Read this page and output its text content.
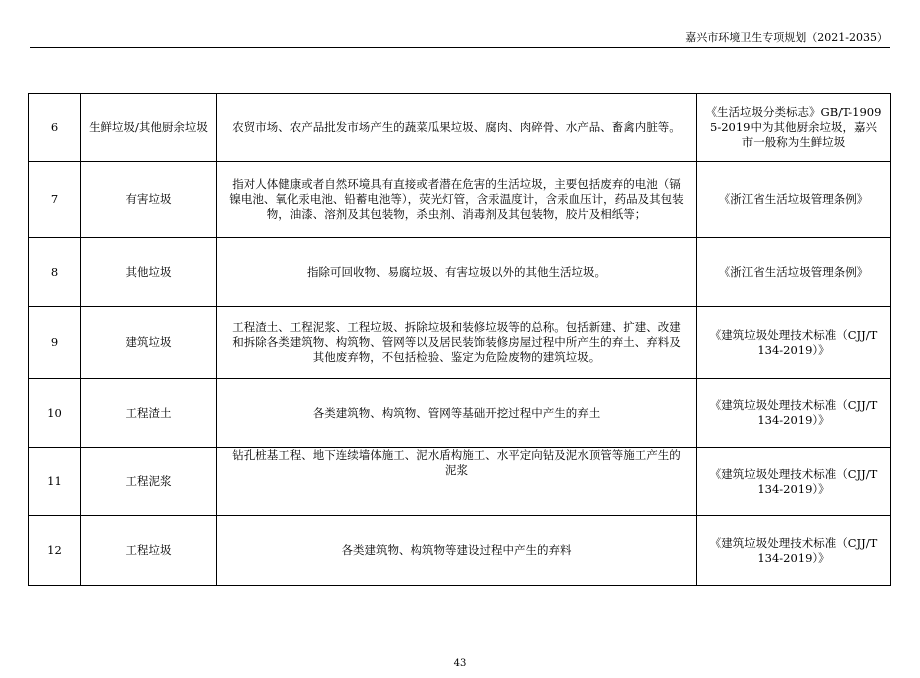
嘉兴市环境卫生专项规划（2021-2035）
6	生鲜垃圾/其他厨余垃圾	农贸市场、农产品批发市场产生的蔬菜瓜果垃圾、腐肉、肉碎骨、水产品、畜禽内脏等。	《生活垃圾分类标志》GB/T-19095-2019中为其他厨余垃圾，嘉兴市一般称为生鲜垃圾
7	有害垃圾	指对人体健康或者自然环境具有直接或者潜在危害的生活垃圾，主要包括废弃的电池（镉镍电池、氧化汞电池、铅蓄电池等），荧光灯管，含汞温度计，含汞血压计，药品及其包装物，油漆、溶剂及其包装物，杀虫剂、消毒剂及其包装物，胶片及相纸等；	《浙江省生活垃圾管理条例》
8	其他垃圾	指除可回收物、易腐垃圾、有害垃圾以外的其他生活垃圾。	《浙江省生活垃圾管理条例》
9	建筑垃圾	工程渣土、工程泥浆、工程垃圾、拆除垃圾和装修垃圾等的总称。包括新建、扩建、改建和拆除各类建筑物、构筑物、管网等以及居民装饰装修房屋过程中所产生的弃土、弃料及其他废弃物，不包括检验、鉴定为危险废物的建筑垃圾。	《建筑垃圾处理技术标准（CJJ/T 134-2019）》
10	工程渣土	各类建筑物、构筑物、管网等基础开挖过程中产生的弃土	《建筑垃圾处理技术标准（CJJ/T 134-2019）》
11	工程泥浆	钻孔桩基工程、地下连续墙体施工、泥水盾构施工、水平定向钻及泥水顶管等施工产生的泥浆	《建筑垃圾处理技术标准（CJJ/T 134-2019）》
12	工程垃圾	各类建筑物、构筑物等建设过程中产生的弃料	《建筑垃圾处理技术标准（CJJ/T 134-2019）》
43
